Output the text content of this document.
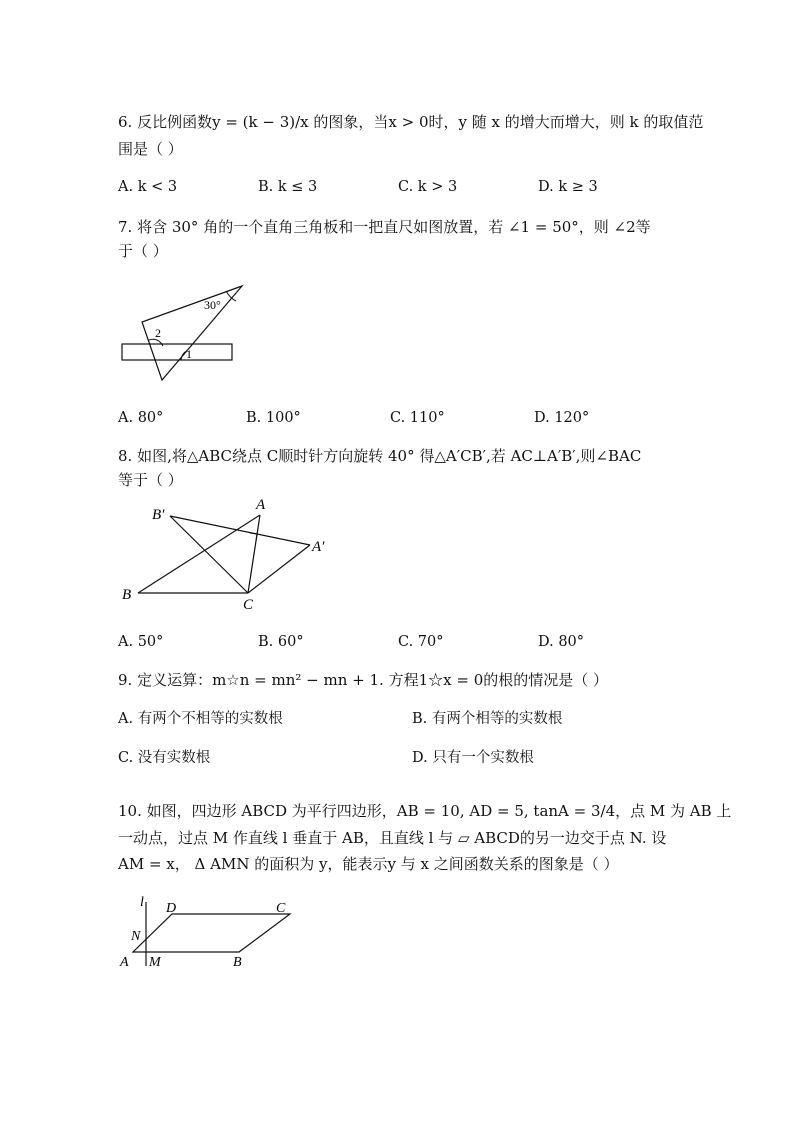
6. 反比例函数y = (k − 3)/x 的图象，当x > 0时，y 随 x 的增大而增大，则 k 的取值范
围是（ ）
A. k < 3	B. k ≤ 3	C. k > 3	D. k ≥ 3
7. 将含 30° 角的一个直角三角板和一把直尺如图放置，若 ∠1 = 50°，则 ∠2等
于（ ）
30°
2
1
A. 80°	B. 100°	C. 110°	D. 120°
8. 如图,将△ABC绕点 C顺时针方向旋转 40° 得△A′CB′,若 AC⊥A′B′,则∠BAC
等于（ ）
B′
A
A′
B
C
A. 50°	B. 60°	C. 70°	D. 80°
9. 定义运算：m☆n = mn² − mn + 1. 方程1☆x = 0的根的情况是（ ）
A. 有两个不相等的实数根	B. 有两个相等的实数根
C. 没有实数根	D. 只有一个实数根
10. 如图，四边形 ABCD 为平行四边形，AB = 10, AD = 5, tanA = 3/4，点 M 为 AB 上
一动点，过点 M 作直线 l 垂直于 AB，且直线 l 与 ▱ ABCD的另一边交于点 N. 设
AM = x， Δ AMN 的面积为 y，能表示y 与 x 之间函数关系的图象是（ ）
l D	C
N
A M	B
